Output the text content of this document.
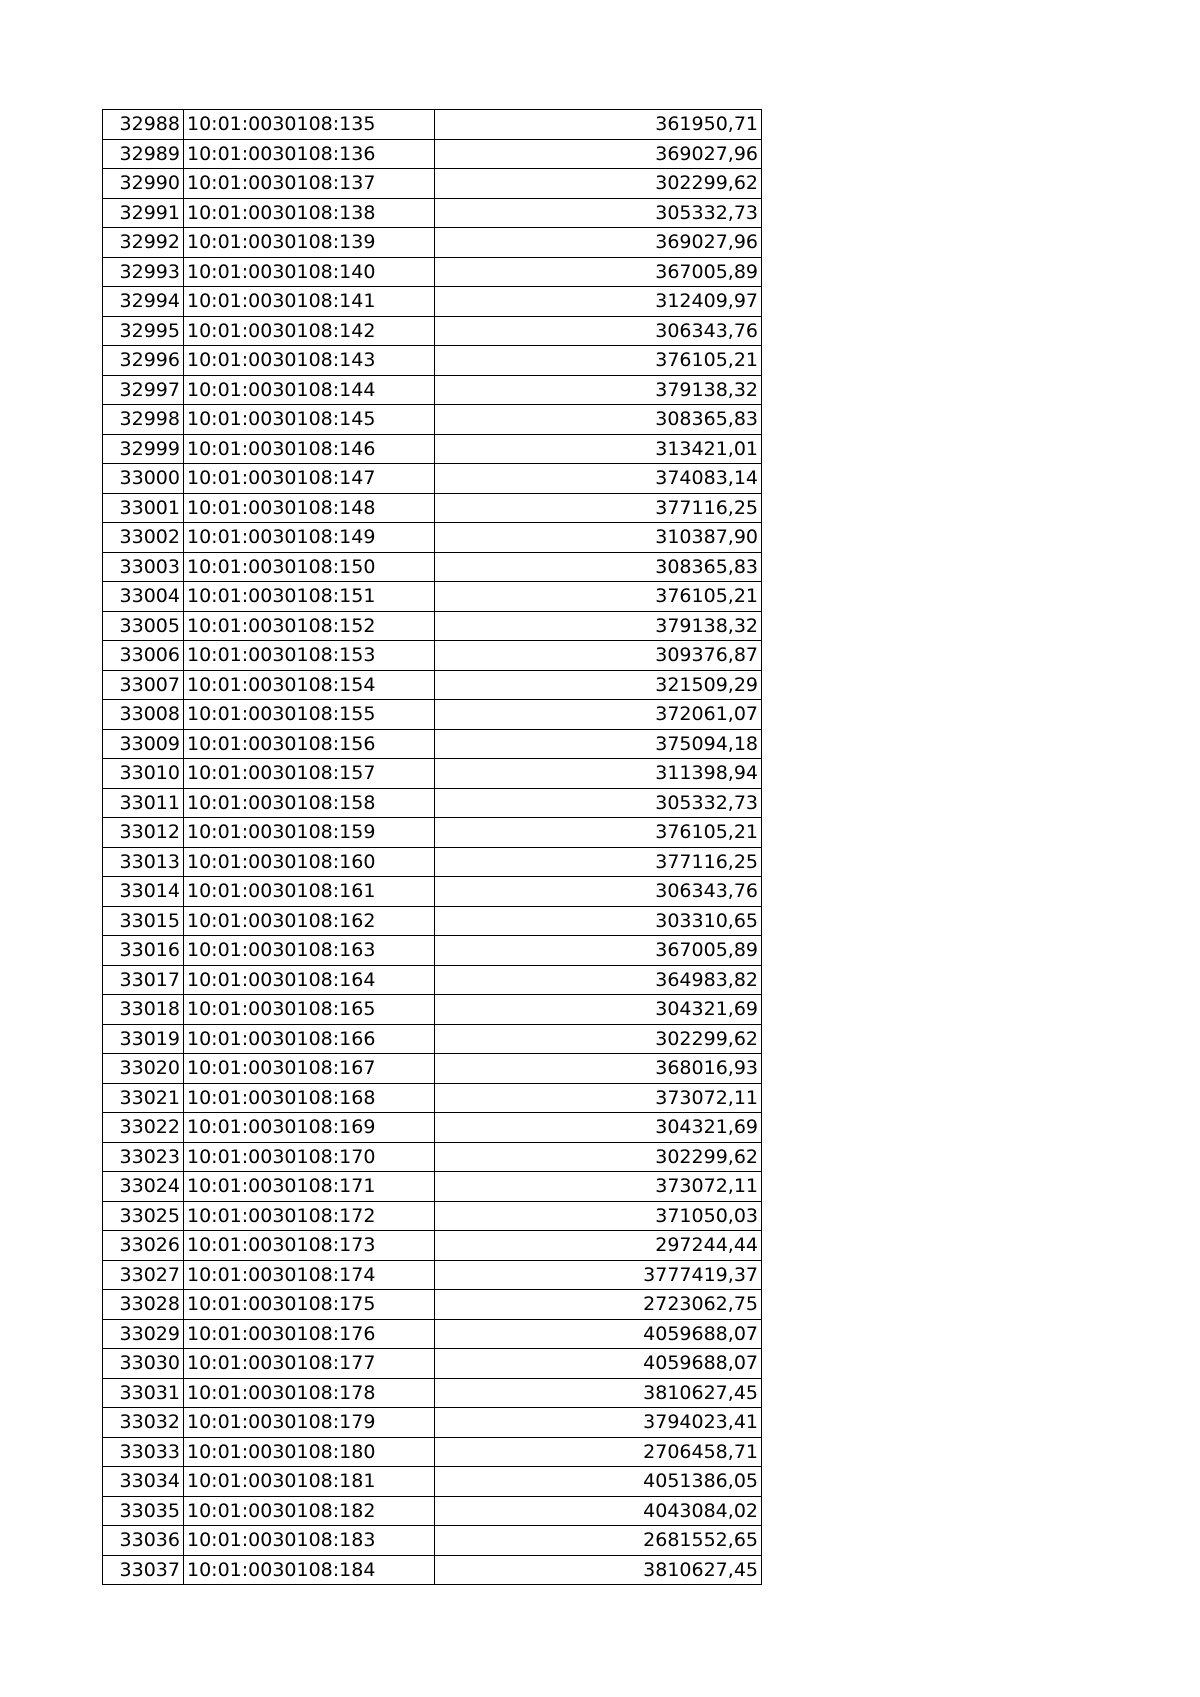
32988	10:01:0030108:135	361950,71
32989	10:01:0030108:136	369027,96
32990	10:01:0030108:137	302299,62
32991	10:01:0030108:138	305332,73
32992	10:01:0030108:139	369027,96
32993	10:01:0030108:140	367005,89
32994	10:01:0030108:141	312409,97
32995	10:01:0030108:142	306343,76
32996	10:01:0030108:143	376105,21
32997	10:01:0030108:144	379138,32
32998	10:01:0030108:145	308365,83
32999	10:01:0030108:146	313421,01
33000	10:01:0030108:147	374083,14
33001	10:01:0030108:148	377116,25
33002	10:01:0030108:149	310387,90
33003	10:01:0030108:150	308365,83
33004	10:01:0030108:151	376105,21
33005	10:01:0030108:152	379138,32
33006	10:01:0030108:153	309376,87
33007	10:01:0030108:154	321509,29
33008	10:01:0030108:155	372061,07
33009	10:01:0030108:156	375094,18
33010	10:01:0030108:157	311398,94
33011	10:01:0030108:158	305332,73
33012	10:01:0030108:159	376105,21
33013	10:01:0030108:160	377116,25
33014	10:01:0030108:161	306343,76
33015	10:01:0030108:162	303310,65
33016	10:01:0030108:163	367005,89
33017	10:01:0030108:164	364983,82
33018	10:01:0030108:165	304321,69
33019	10:01:0030108:166	302299,62
33020	10:01:0030108:167	368016,93
33021	10:01:0030108:168	373072,11
33022	10:01:0030108:169	304321,69
33023	10:01:0030108:170	302299,62
33024	10:01:0030108:171	373072,11
33025	10:01:0030108:172	371050,03
33026	10:01:0030108:173	297244,44
33027	10:01:0030108:174	3777419,37
33028	10:01:0030108:175	2723062,75
33029	10:01:0030108:176	4059688,07
33030	10:01:0030108:177	4059688,07
33031	10:01:0030108:178	3810627,45
33032	10:01:0030108:179	3794023,41
33033	10:01:0030108:180	2706458,71
33034	10:01:0030108:181	4051386,05
33035	10:01:0030108:182	4043084,02
33036	10:01:0030108:183	2681552,65
33037	10:01:0030108:184	3810627,45
